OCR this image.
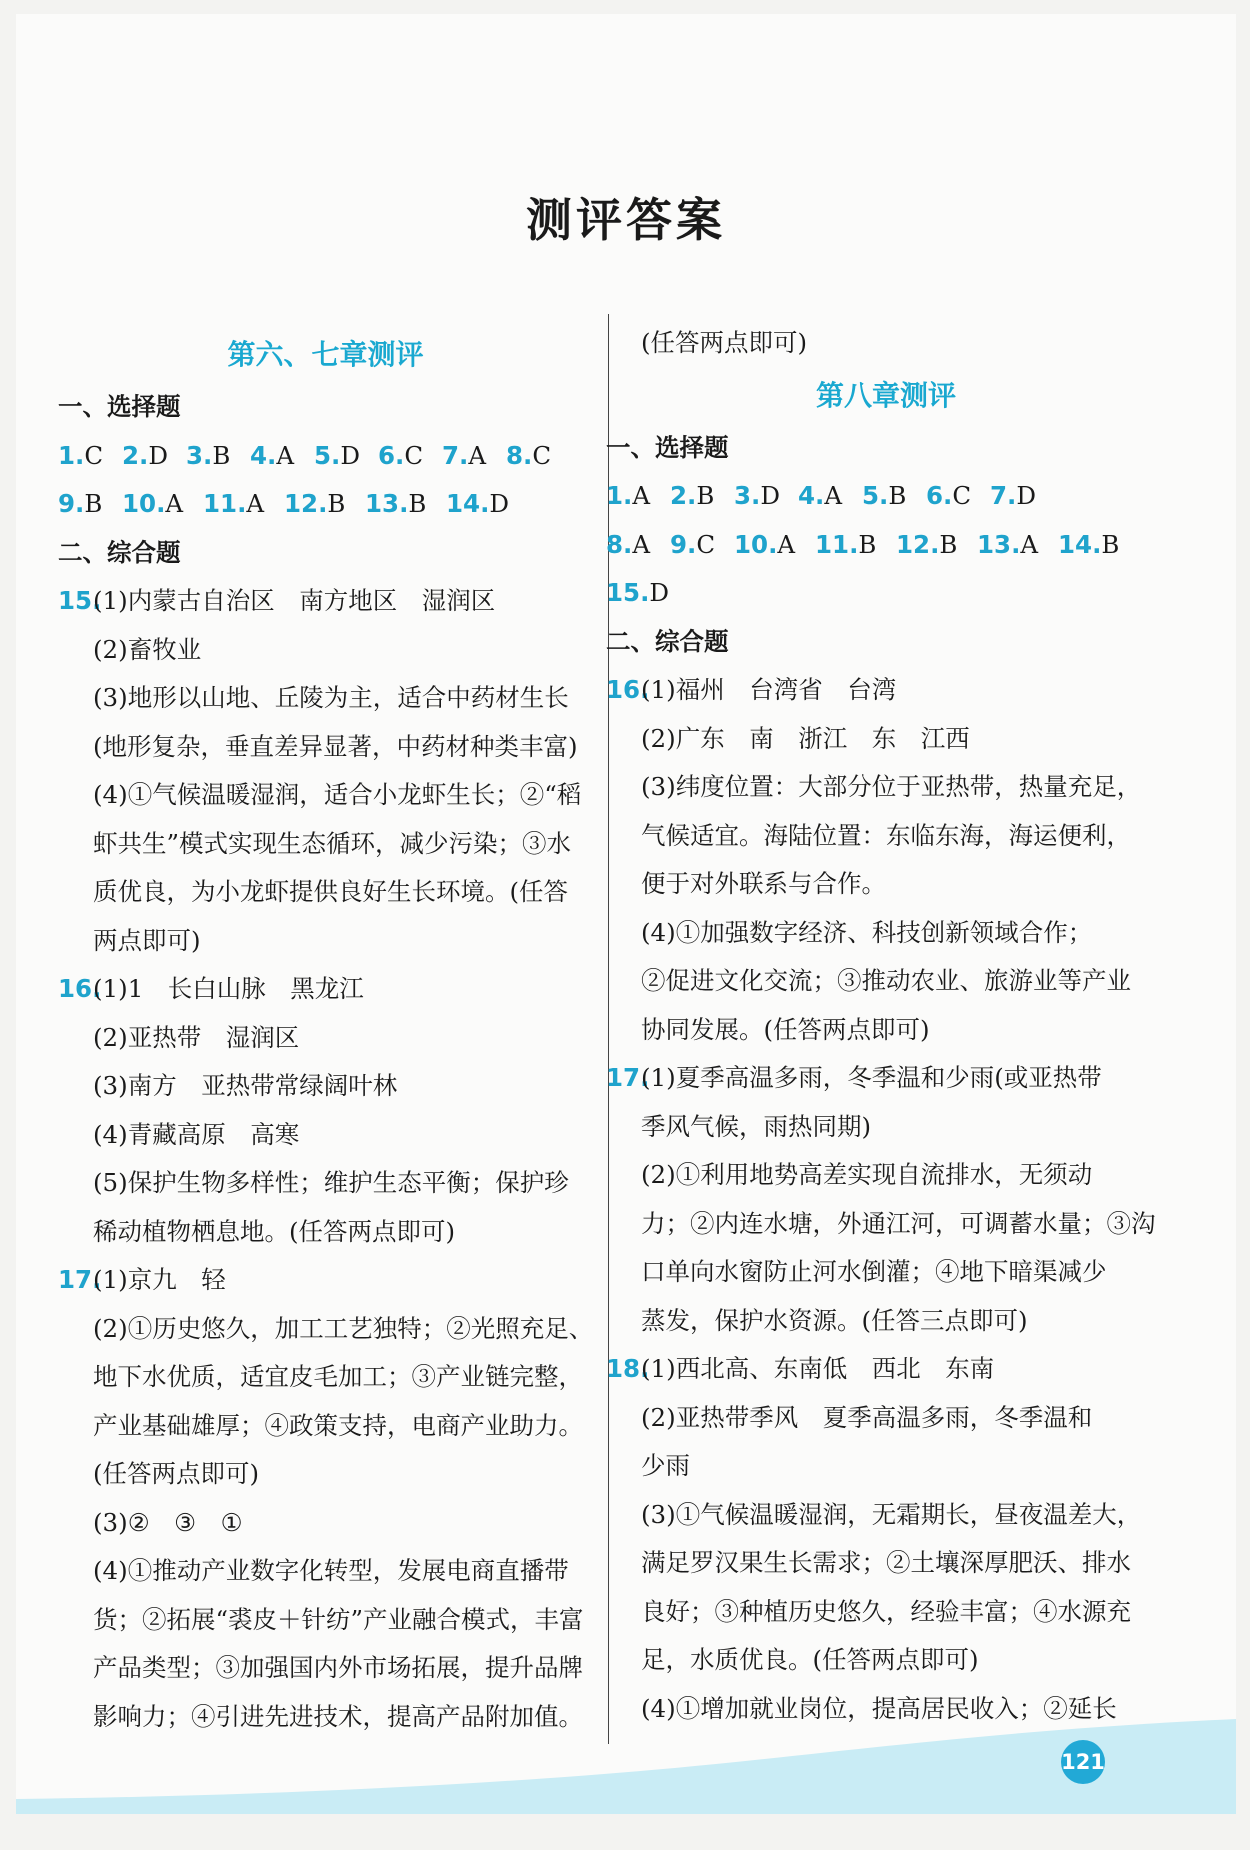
测评答案
第六、七章测评
一、选择题
1.C 2.D 3.B 4.A 5.D 6.C 7.A 8.C
9.B 10.A 11.A 12.B 13.B 14.D
二、综合题
15.(1)内蒙古自治区　南方地区　湿润区
(2)畜牧业
(3)地形以山地、丘陵为主，适合中药材生长
(地形复杂，垂直差异显著，中药材种类丰富)
(4)①气候温暖湿润，适合小龙虾生长；②“稻
虾共生”模式实现生态循环，减少污染；③水
质优良，为小龙虾提供良好生长环境。(任答
两点即可)
16.(1)1　长白山脉　黑龙江
(2)亚热带　湿润区
(3)南方　亚热带常绿阔叶林
(4)青藏高原　高寒
(5)保护生物多样性；维护生态平衡；保护珍
稀动植物栖息地。(任答两点即可)
17.(1)京九　轻
(2)①历史悠久，加工工艺独特；②光照充足、
地下水优质，适宜皮毛加工；③产业链完整，
产业基础雄厚；④政策支持，电商产业助力。
(任答两点即可)
(3)②　③　①
(4)①推动产业数字化转型，发展电商直播带
货；②拓展“裘皮＋针纺”产业融合模式，丰富
产品类型；③加强国内外市场拓展，提升品牌
影响力；④引进先进技术，提高产品附加值。
(任答两点即可)
第八章测评
一、选择题
1.A 2.B 3.D 4.A 5.B 6.C 7.D
8.A 9.C 10.A 11.B 12.B 13.A 14.B
15.D
二、综合题
16.(1)福州　台湾省　台湾
(2)广东　南　浙江　东　江西
(3)纬度位置：大部分位于亚热带，热量充足，
气候适宜。海陆位置：东临东海，海运便利，
便于对外联系与合作。
(4)①加强数字经济、科技创新领域合作；
②促进文化交流；③推动农业、旅游业等产业
协同发展。(任答两点即可)
17.(1)夏季高温多雨，冬季温和少雨(或亚热带
季风气候，雨热同期)
(2)①利用地势高差实现自流排水，无须动
力；②内连水塘，外通江河，可调蓄水量；③沟
口单向水窗防止河水倒灌；④地下暗渠减少
蒸发，保护水资源。(任答三点即可)
18.(1)西北高、东南低　西北　东南
(2)亚热带季风　夏季高温多雨，冬季温和
少雨
(3)①气候温暖湿润，无霜期长，昼夜温差大，
满足罗汉果生长需求；②土壤深厚肥沃、排水
良好；③种植历史悠久，经验丰富；④水源充
足，水质优良。(任答两点即可)
(4)①增加就业岗位，提高居民收入；②延长
121
